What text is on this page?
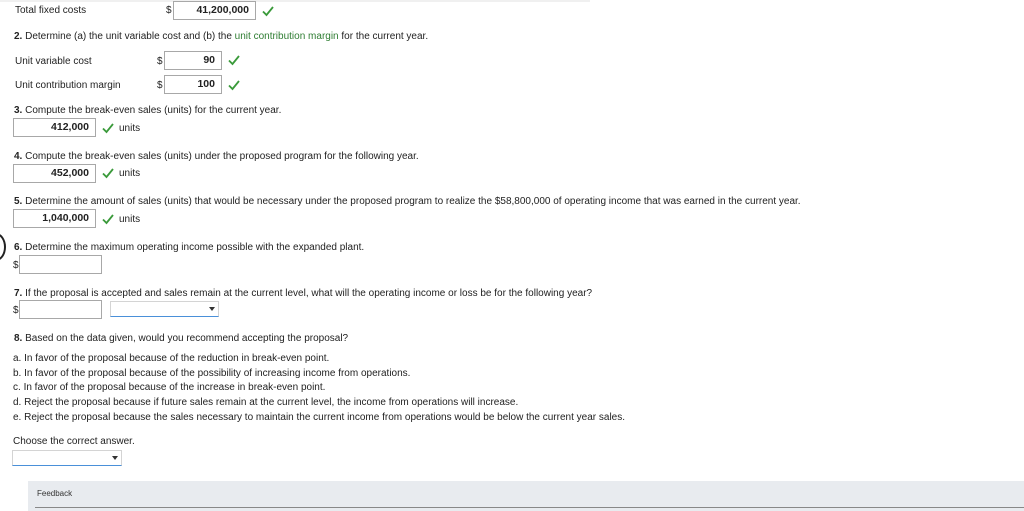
Total fixed costs	$	41,200,000
2. Determine (a) the unit variable cost and (b) the unit contribution margin for the current year.
Unit variable cost	$	90
Unit contribution margin	$	100
3. Compute the break-even sales (units) for the current year.
412,000	units
4. Compute the break-even sales (units) under the proposed program for the following year.
452,000	units
5. Determine the amount of sales (units) that would be necessary under the proposed program to realize the $58,800,000 of operating income that was earned in the current year.
1,040,000	units
6. Determine the maximum operating income possible with the expanded plant.
$
7. If the proposal is accepted and sales remain at the current level, what will the operating income or loss be for the following year?
$
8. Based on the data given, would you recommend accepting the proposal?
a. In favor of the proposal because of the reduction in break-even point.
b. In favor of the proposal because of the possibility of increasing income from operations.
c. In favor of the proposal because of the increase in break-even point.
d. Reject the proposal because if future sales remain at the current level, the income from operations will increase.
e. Reject the proposal because the sales necessary to maintain the current income from operations would be below the current year sales.
Choose the correct answer.
Feedback
